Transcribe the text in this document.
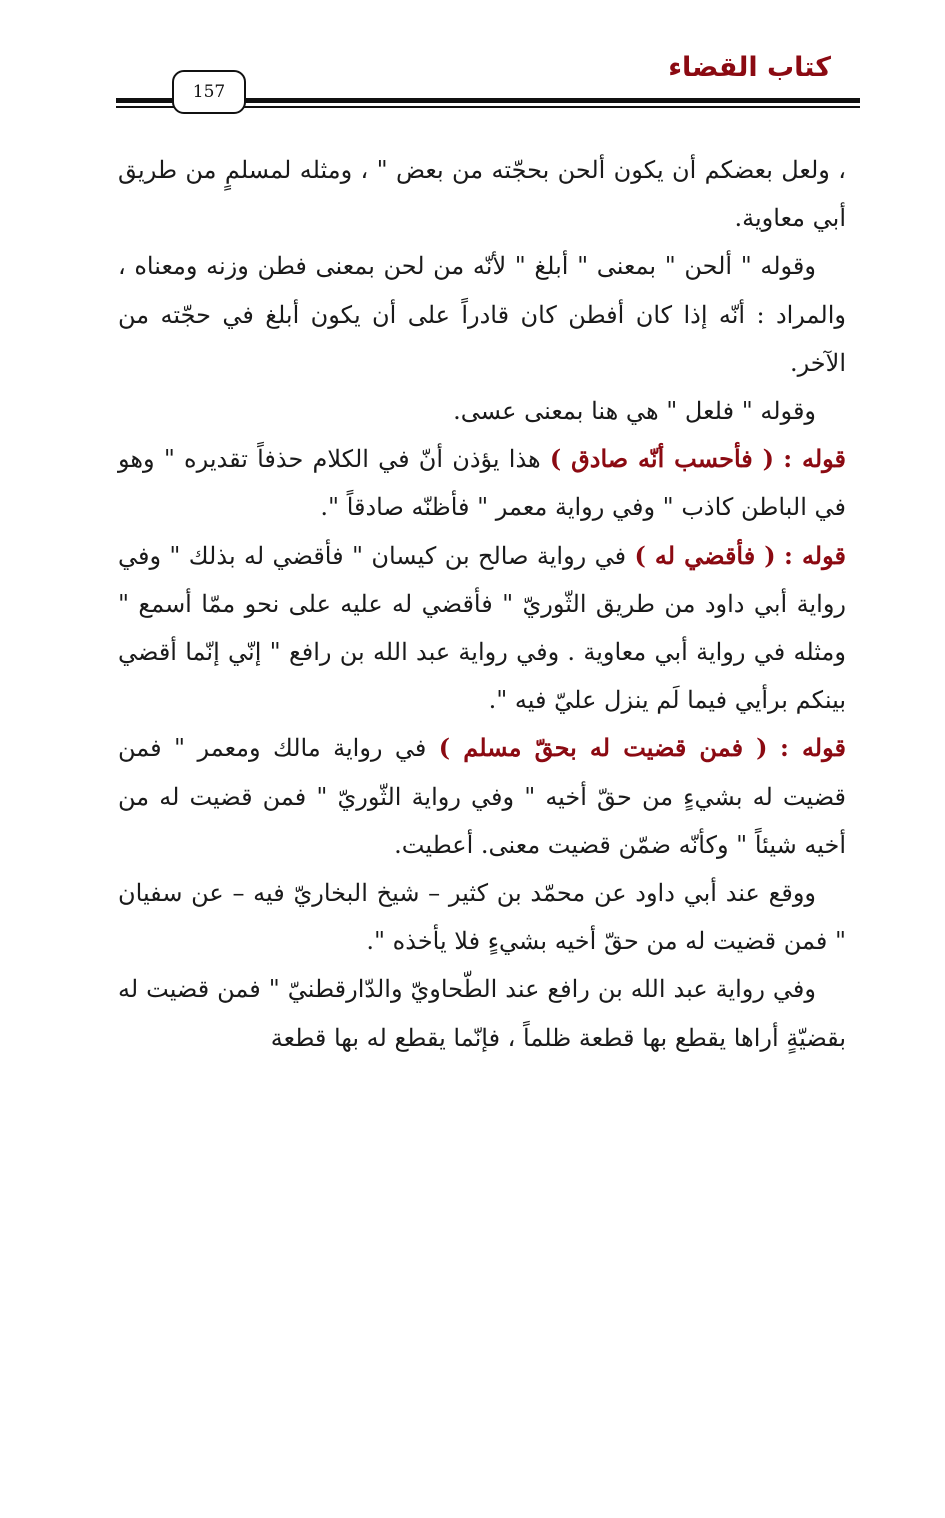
كتاب القضاء
157

، ولعل بعضكم أن يكون ألحن بحجّته من بعض " ، ومثله لمسلمٍ من طريق أبي معاوية.

وقوله " ألحن " بمعنى " أبلغ " لأنّه من لحن بمعنى فطن وزنه ومعناه ، والمراد : أنّه إذا كان أفطن كان قادراً على أن يكون أبلغ في حجّته من الآخر.

وقوله " فلعل " هي هنا بمعنى عسى.

قوله : ( فأحسب أنّه صادق ) هذا يؤذن أنّ في الكلام حذفاً تقديره " وهو في الباطن كاذب " وفي رواية معمر " فأظنّه صادقاً ".

قوله : ( فأقضي له ) في رواية صالح بن كيسان " فأقضي له بذلك " وفي رواية أبي داود من طريق الثّوريّ " فأقضي له عليه على نحو ممّا أسمع " ومثله في رواية أبي معاوية . وفي رواية عبد الله بن رافع " إنّي إنّما أقضي بينكم برأيي فيما لَم ينزل عليّ فيه ".

قوله : ( فمن قضيت له بحقّ مسلم ) في رواية مالك ومعمر " فمن قضيت له بشيءٍ من حقّ أخيه " وفي رواية الثّوريّ " فمن قضيت له من أخيه شيئاً " وكأنّه ضمّن قضيت معنى. أعطيت.

ووقع عند أبي داود عن محمّد بن كثير – شيخ البخاريّ فيه – عن سفيان " فمن قضيت له من حقّ أخيه بشيءٍ فلا يأخذه ".

وفي رواية عبد الله بن رافع عند الطّحاويّ والدّارقطنيّ " فمن قضيت له بقضيّةٍ أراها يقطع بها قطعة ظلماً ، فإنّما يقطع له بها قطعة
